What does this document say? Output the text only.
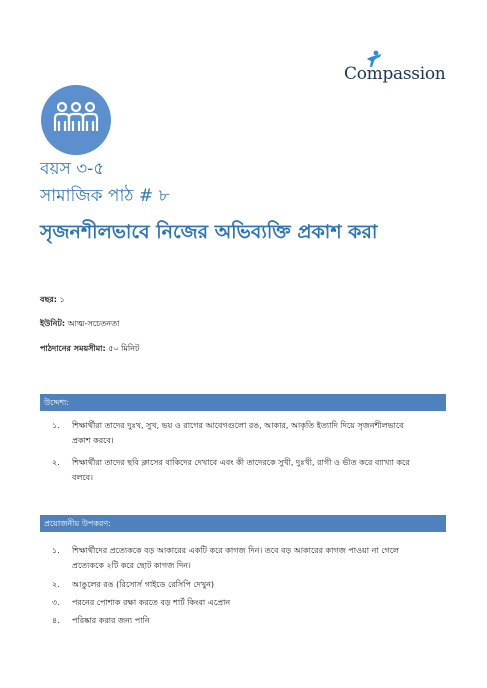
Compassion
বয়স ৩-৫
সামাজিক পাঠ # ৮
সৃজনশীলভাবে নিজের অভিব্যক্তি প্রকাশ করা
বছর: ১
ইউনিট: আত্ম-সচেতনতা
পাঠদানের সময়সীমা: ৫০ মিনিট
উদ্দেশ্য:
১. শিক্ষার্থীরা তাদের দুঃখ, সুখ, ভয় ও রাগের আবেগগুলো রঙ, আকার, আকৃতি ইত্যাদি দিয়ে সৃজনশীলভাবে
প্রকাশ করবে।
২. শিক্ষার্থীরা তাদের ছবি ক্লাসের বাকিদের দেখাবে এবং কী তাদেরকে সুখী, দুঃখী, রাগী ও ভীত করে ব্যাখ্যা করে
বলবে।
প্রয়োজনীয় উপকরণ:
১. শিক্ষার্থীদের প্রত্যেককে বড় আকারের একটি করে কাগজ দিন। তবে বড় আকারের কাগজ পাওয়া না গেলে
প্রত্যেককে ২টি করে ছোট কাগজ দিন।
২. আঙুলের রঙ (রিসোর্স গাইডে রেসিপি দেখুন)
৩. পরনের পোশাক রক্ষা করতে বড় শার্ট কিংবা এপ্রোন
৪. পরিষ্কার করার জন্য পানি
